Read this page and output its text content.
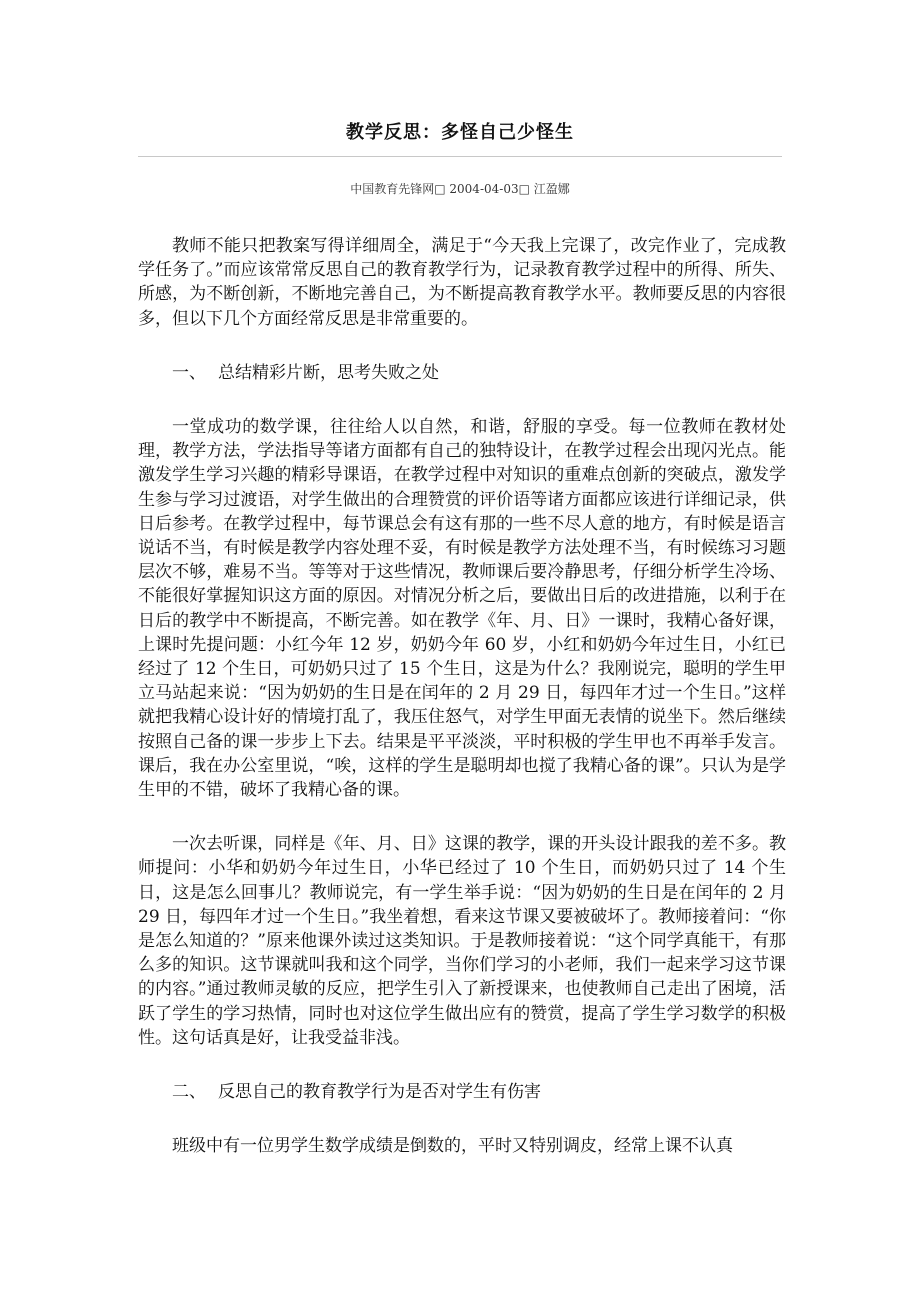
教学反思：多怪自己少怪生
中国教育先锋网□ 2004-04-03□ 江盈娜

教师不能只把教案写得详细周全，满足于“今天我上完课了，改完作业了，完成教学任务了。”而应该常常反思自己的教育教学行为，记录教育教学过程中的所得、所失、所感，为不断创新，不断地完善自己，为不断提高教育教学水平。教师要反思的内容很多，但以下几个方面经常反思是非常重要的。

一、 总结精彩片断，思考失败之处

一堂成功的数学课，往往给人以自然，和谐，舒服的享受。每一位教师在教材处理，教学方法，学法指导等诸方面都有自己的独特设计，在教学过程会出现闪光点。能激发学生学习兴趣的精彩导课语，在教学过程中对知识的重难点创新的突破点，激发学生参与学习过渡语，对学生做出的合理赞赏的评价语等诸方面都应该进行详细记录，供日后参考。在教学过程中，每节课总会有这有那的一些不尽人意的地方，有时候是语言说话不当，有时候是教学内容处理不妥，有时候是教学方法处理不当，有时候练习习题层次不够，难易不当。等等对于这些情况，教师课后要冷静思考，仔细分析学生冷场、不能很好掌握知识这方面的原因。对情况分析之后，要做出日后的改进措施，以利于在日后的教学中不断提高，不断完善。如在教学《年、月、日》一课时，我精心备好课，上课时先提问题：小红今年 12 岁，奶奶今年 60 岁，小红和奶奶今年过生日，小红已经过了 12 个生日，可奶奶只过了 15 个生日，这是为什么？我刚说完，聪明的学生甲立马站起来说：“因为奶奶的生日是在闰年的 2 月 29 日，每四年才过一个生日。”这样就把我精心设计好的情境打乱了，我压住怒气，对学生甲面无表情的说坐下。然后继续按照自己备的课一步步上下去。结果是平平淡淡，平时积极的学生甲也不再举手发言。课后，我在办公室里说，“唉，这样的学生是聪明却也搅了我精心备的课”。只认为是学生甲的不错，破坏了我精心备的课。

一次去听课，同样是《年、月、日》这课的教学，课的开头设计跟我的差不多。教师提问：小华和奶奶今年过生日，小华已经过了 10 个生日，而奶奶只过了 14 个生日，这是怎么回事儿？教师说完，有一学生举手说：“因为奶奶的生日是在闰年的 2 月 29 日，每四年才过一个生日。”我坐着想，看来这节课又要被破坏了。教师接着问：“你是怎么知道的？”原来他课外读过这类知识。于是教师接着说：“这个同学真能干，有那么多的知识。这节课就叫我和这个同学，当你们学习的小老师，我们一起来学习这节课的内容。”通过教师灵敏的反应，把学生引入了新授课来，也使教师自己走出了困境，活跃了学生的学习热情，同时也对这位学生做出应有的赞赏，提高了学生学习数学的积极性。这句话真是好，让我受益非浅。

二、 反思自己的教育教学行为是否对学生有伤害

班级中有一位男学生数学成绩是倒数的，平时又特别调皮，经常上课不认真
